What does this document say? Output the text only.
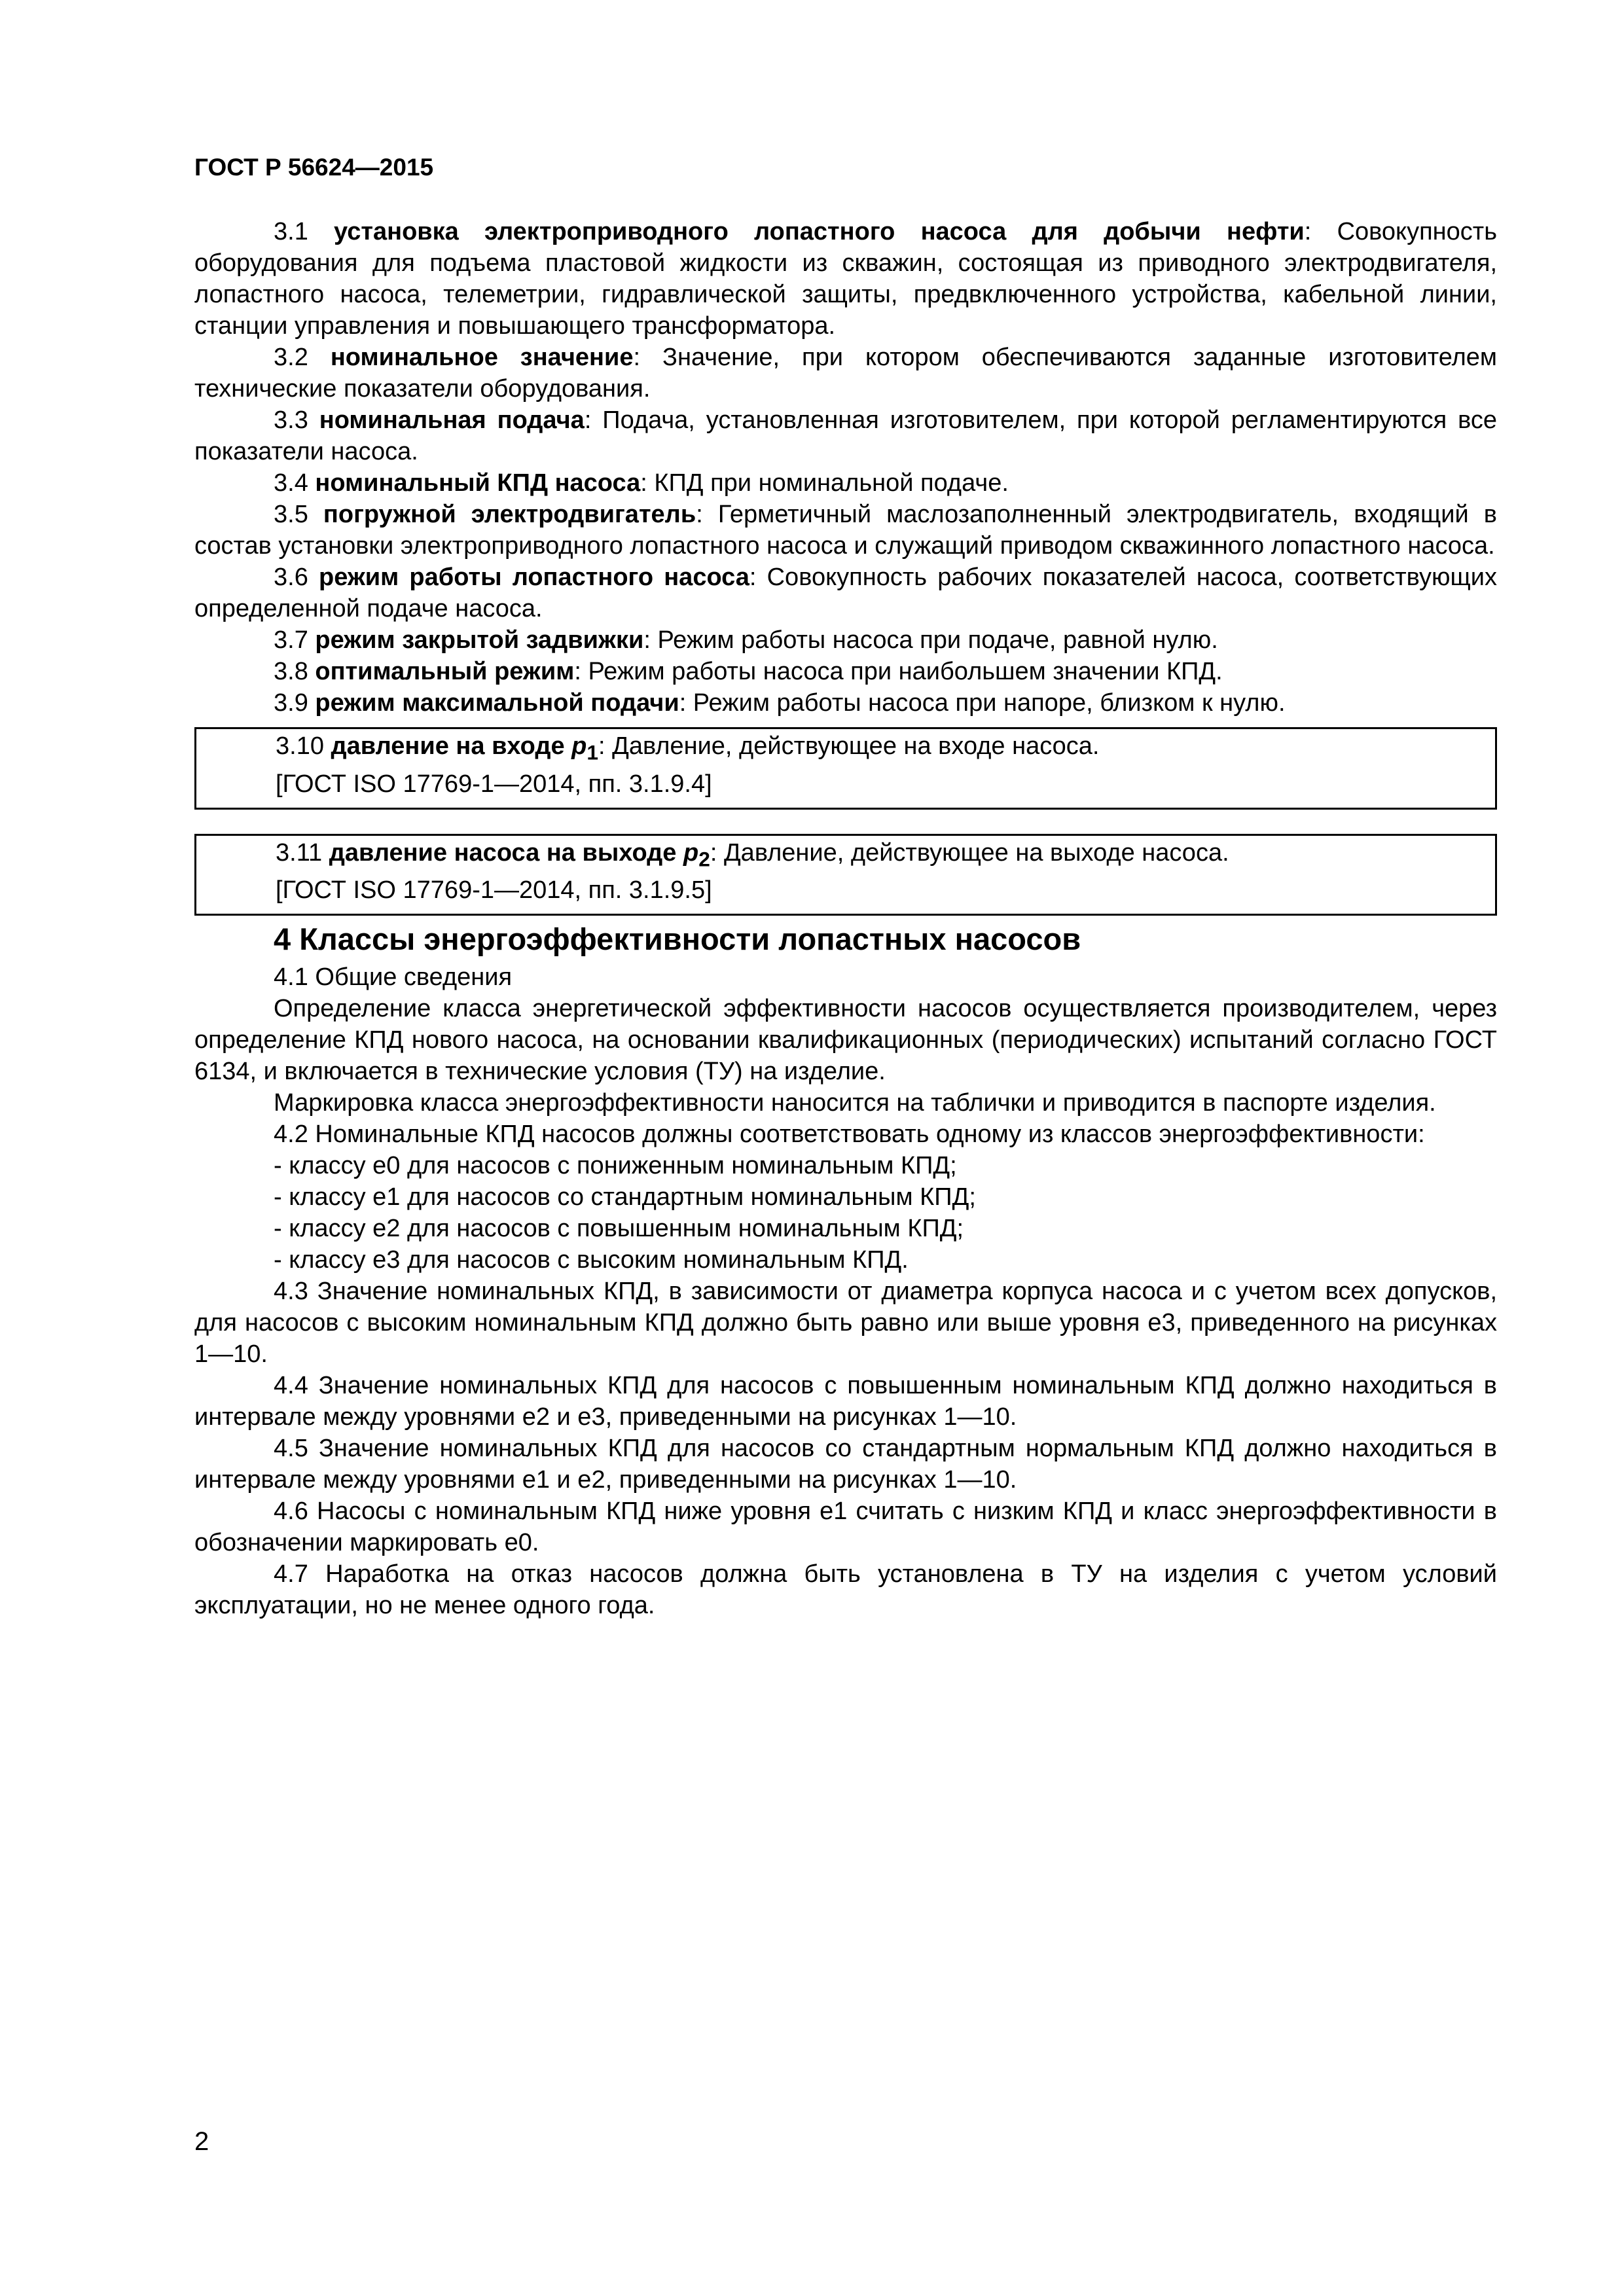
ГОСТ Р 56624—2015

3.1 установка электроприводного лопастного насоса для добычи нефти: Совокупность оборудования для подъема пластовой жидкости из скважин, состоящая из приводного электродвигателя, лопастного насоса, телеметрии, гидравлической защиты, предвключенного устройства, кабельной линии, станции управления и повышающего трансформатора.

3.2 номинальное значение: Значение, при котором обеспечиваются заданные изготовителем технические показатели оборудования.

3.3 номинальная подача: Подача, установленная изготовителем, при которой регламентируются все показатели насоса.

3.4 номинальный КПД насоса: КПД при номинальной подаче.

3.5 погружной электродвигатель: Герметичный маслозаполненный электродвигатель, входящий в состав установки электроприводного лопастного насоса и служащий приводом скважинного лопастного насоса.

3.6 режим работы лопастного насоса: Совокупность рабочих показателей насоса, соответствующих определенной подаче насоса.

3.7 режим закрытой задвижки: Режим работы насоса при подаче, равной нулю.

3.8 оптимальный режим: Режим работы насоса при наибольшем значении КПД.

3.9 режим максимальной подачи: Режим работы насоса при напоре, близком к нулю.

3.10 давление на входе $p_1$: Давление, действующее на входе насоса.

[ГОСТ ISO 17769-1—2014, пп. 3.1.9.4]

3.11 давление насоса на выходе $p_2$: Давление, действующее на выходе насоса.

[ГОСТ ISO 17769-1—2014, пп. 3.1.9.5]

4 Классы энергоэффективности лопастных насосов

4.1 Общие сведения

Определение класса энергетической эффективности насосов осуществляется производителем, через определение КПД нового насоса, на основании квалификационных (периодических) испытаний согласно ГОСТ 6134, и включается в технические условия (ТУ) на изделие.

Маркировка класса энергоэффективности наносится на таблички и приводится в паспорте изделия.

4.2 Номинальные КПД насосов должны соответствовать одному из классов энергоэффективности:

- классу е0 для насосов с пониженным номинальным КПД;

- классу е1 для насосов со стандартным номинальным КПД;

- классу е2 для насосов с повышенным номинальным КПД;

- классу е3 для насосов с высоким номинальным КПД.

4.3 Значение номинальных КПД, в зависимости от диаметра корпуса насоса и с учетом всех допусков, для насосов с высоким номинальным КПД должно быть равно или выше уровня е3, приведенного на рисунках 1—10.

4.4 Значение номинальных КПД для насосов с повышенным номинальным КПД должно находиться в интервале между уровнями е2 и е3, приведенными на рисунках 1—10.

4.5 Значение номинальных КПД для насосов со стандартным нормальным КПД должно находиться в интервале между уровнями е1 и е2, приведенными на рисунках 1—10.

4.6 Насосы с номинальным КПД ниже уровня е1 считать с низким КПД и класс энергоэффективности в обозначении маркировать е0.

4.7 Наработка на отказ насосов должна быть установлена в ТУ на изделия с учетом условий эксплуатации, но не менее одного года.

2
